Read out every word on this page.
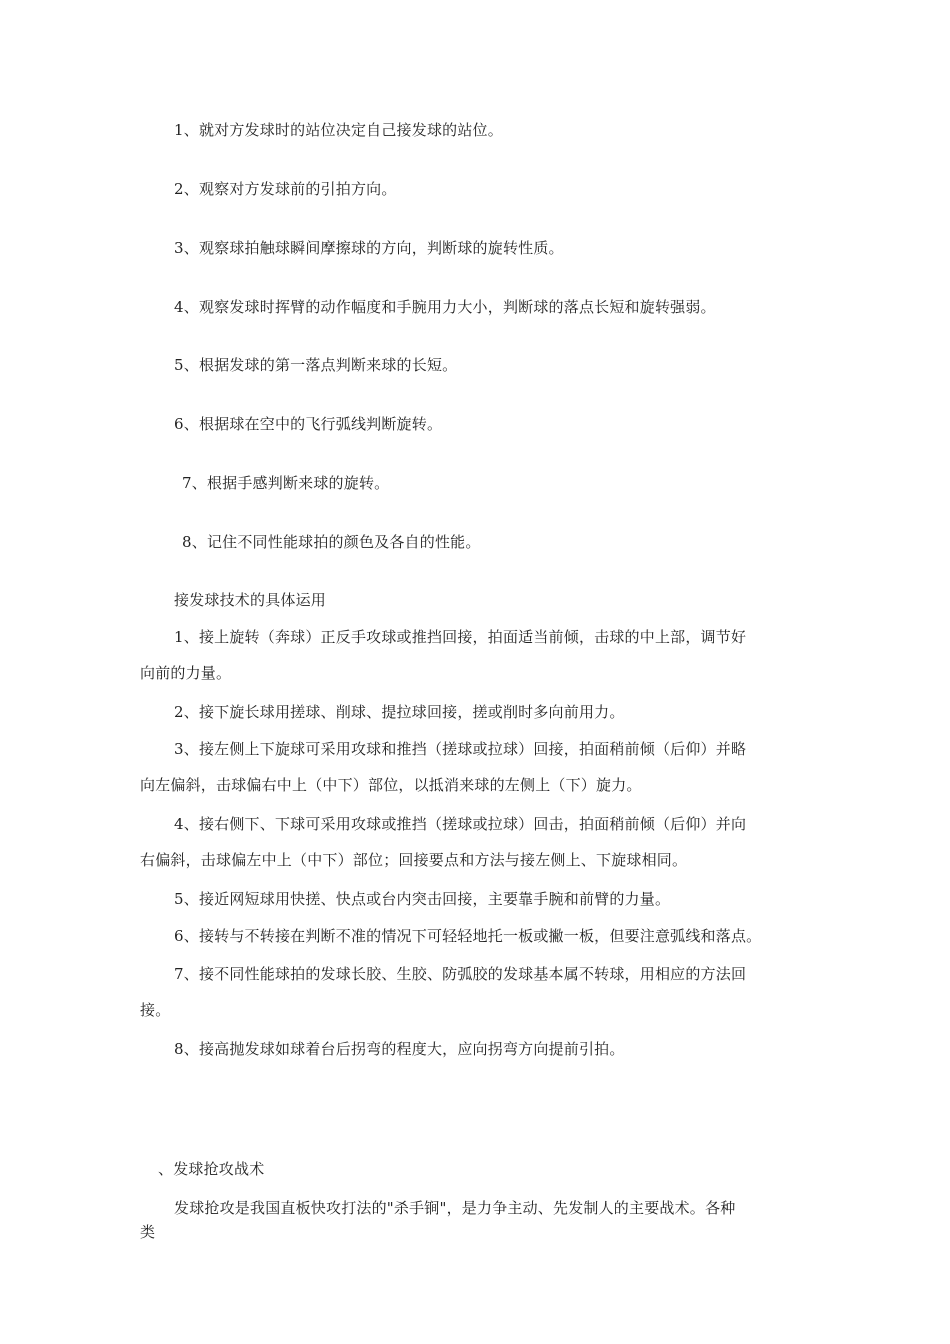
1、就对方发球时的站位决定自己接发球的站位。
2、观察对方发球前的引拍方向。
3、观察球拍触球瞬间摩擦球的方向，判断球的旋转性质。
4、观察发球时挥臂的动作幅度和手腕用力大小，判断球的落点长短和旋转强弱。
5、根据发球的第一落点判断来球的长短。
6、根据球在空中的飞行弧线判断旋转。
7、根据手感判断来球的旋转。
8、记住不同性能球拍的颜色及各自的性能。
接发球技术的具体运用
1、接上旋转（奔球）正反手攻球或推挡回接，拍面适当前倾，击球的中上部，调节好
向前的力量。
2、接下旋长球用搓球、削球、提拉球回接，搓或削时多向前用力。
3、接左侧上下旋球可采用攻球和推挡（搓球或拉球）回接，拍面稍前倾（后仰）并略
向左偏斜，击球偏右中上（中下）部位，以抵消来球的左侧上（下）旋力。
4、接右侧下、下球可采用攻球或推挡（搓球或拉球）回击，拍面稍前倾（后仰）并向
右偏斜，击球偏左中上（中下）部位；回接要点和方法与接左侧上、下旋球相同。
5、接近网短球用快搓、快点或台内突击回接，主要靠手腕和前臂的力量。
6、接转与不转接在判断不准的情况下可轻轻地托一板或撇一板，但要注意弧线和落点。
7、接不同性能球拍的发球长胶、生胶、防弧胶的发球基本属不转球，用相应的方法回
接。
8、接高抛发球如球着台后拐弯的程度大，应向拐弯方向提前引拍。
、发球抢攻战术
发球抢攻是我国直板快攻打法的"杀手锏"，是力争主动、先发制人的主要战术。各种
类
